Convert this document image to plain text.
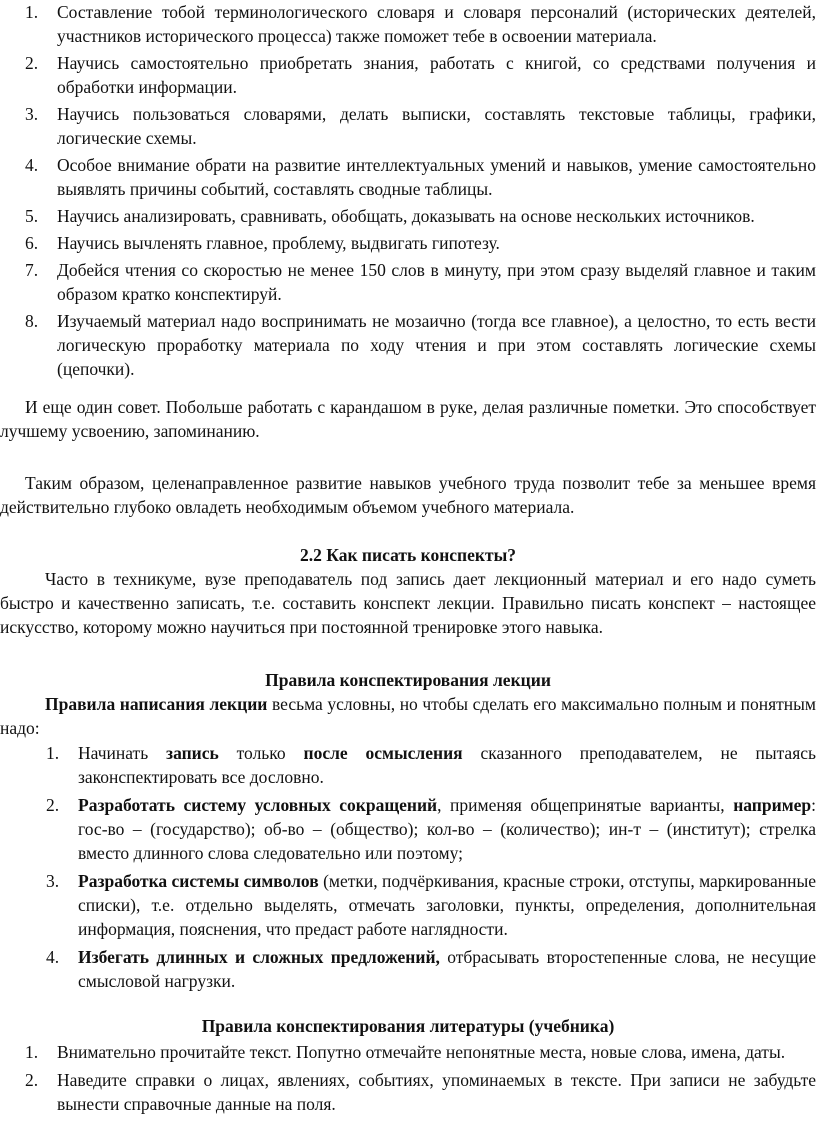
1. Составление тобой терминологического словаря и словаря персоналий (исторических деятелей, участников исторического процесса) также поможет тебе в освоении материала.
2. Научись самостоятельно приобретать знания, работать с книгой, со средствами получения и обработки информации.
3. Научись пользоваться словарями, делать выписки, составлять текстовые таблицы, графики, логические схемы.
4. Особое внимание обрати на развитие интеллектуальных умений и навыков, умение самостоятельно выявлять причины событий, составлять сводные таблицы.
5. Научись анализировать, сравнивать, обобщать, доказывать на основе нескольких источников.
6. Научись вычленять главное, проблему, выдвигать гипотезу.
7. Добейся чтения со скоростью не менее 150 слов в минуту, при этом сразу выделяй главное и таким образом кратко конспектируй.
8. Изучаемый материал надо воспринимать не мозаично (тогда все главное), а целостно, то есть вести логическую проработку материала по ходу чтения и при этом составлять логические схемы (цепочки).

И еще один совет. Побольше работать с карандашом в руке, делая различные пометки. Это способствует лучшему усвоению, запоминанию.

Таким образом, целенаправленное развитие навыков учебного труда позволит тебе за меньшее время действительно глубоко овладеть необходимым объемом учебного материала.

2.2 Как писать конспекты?

Часто в техникуме, вузе преподаватель под запись дает лекционный материал и его надо суметь быстро и качественно записать, т.е. составить конспект лекции. Правильно писать конспект – настоящее искусство, которому можно научиться при постоянной тренировке этого навыка.

Правила конспектирования лекции

Правила написания лекции весьма условны, но чтобы сделать его максимально полным и понятным надо:

1. Начинать запись только после осмысления сказанного преподавателем, не пытаясь законспектировать все дословно.
2. Разработать системy условных сокращений, применяя общепринятые варианты, например: гос-во – (государство); об-во – (общество); кол-во – (количество); ин-т – (институт); стрелка вместо длинного слова следовательно или поэтому;
3. Разработка системы символов (метки, подчёркивания, красные строки, отступы, маркированные списки), т.е. отдельно выделять, отмечать заголовки, пункты, определения, дополнительная информация, пояснения, что предаст работе наглядности.
4. Избегать длинных и сложных предложений, отбрасывать второстепенные слова, не несущие смысловой нагрузки.
Правила конспектирования литературы (учебника)
1. Внимательно прочитайте текст. Попутно отмечайте непонятные места, новые слова, имена, даты.
2. Наведите справки о лицах, явлениях, событиях, упоминаемых в тексте. При записи не забудьте вынести справочные данные на поля.
